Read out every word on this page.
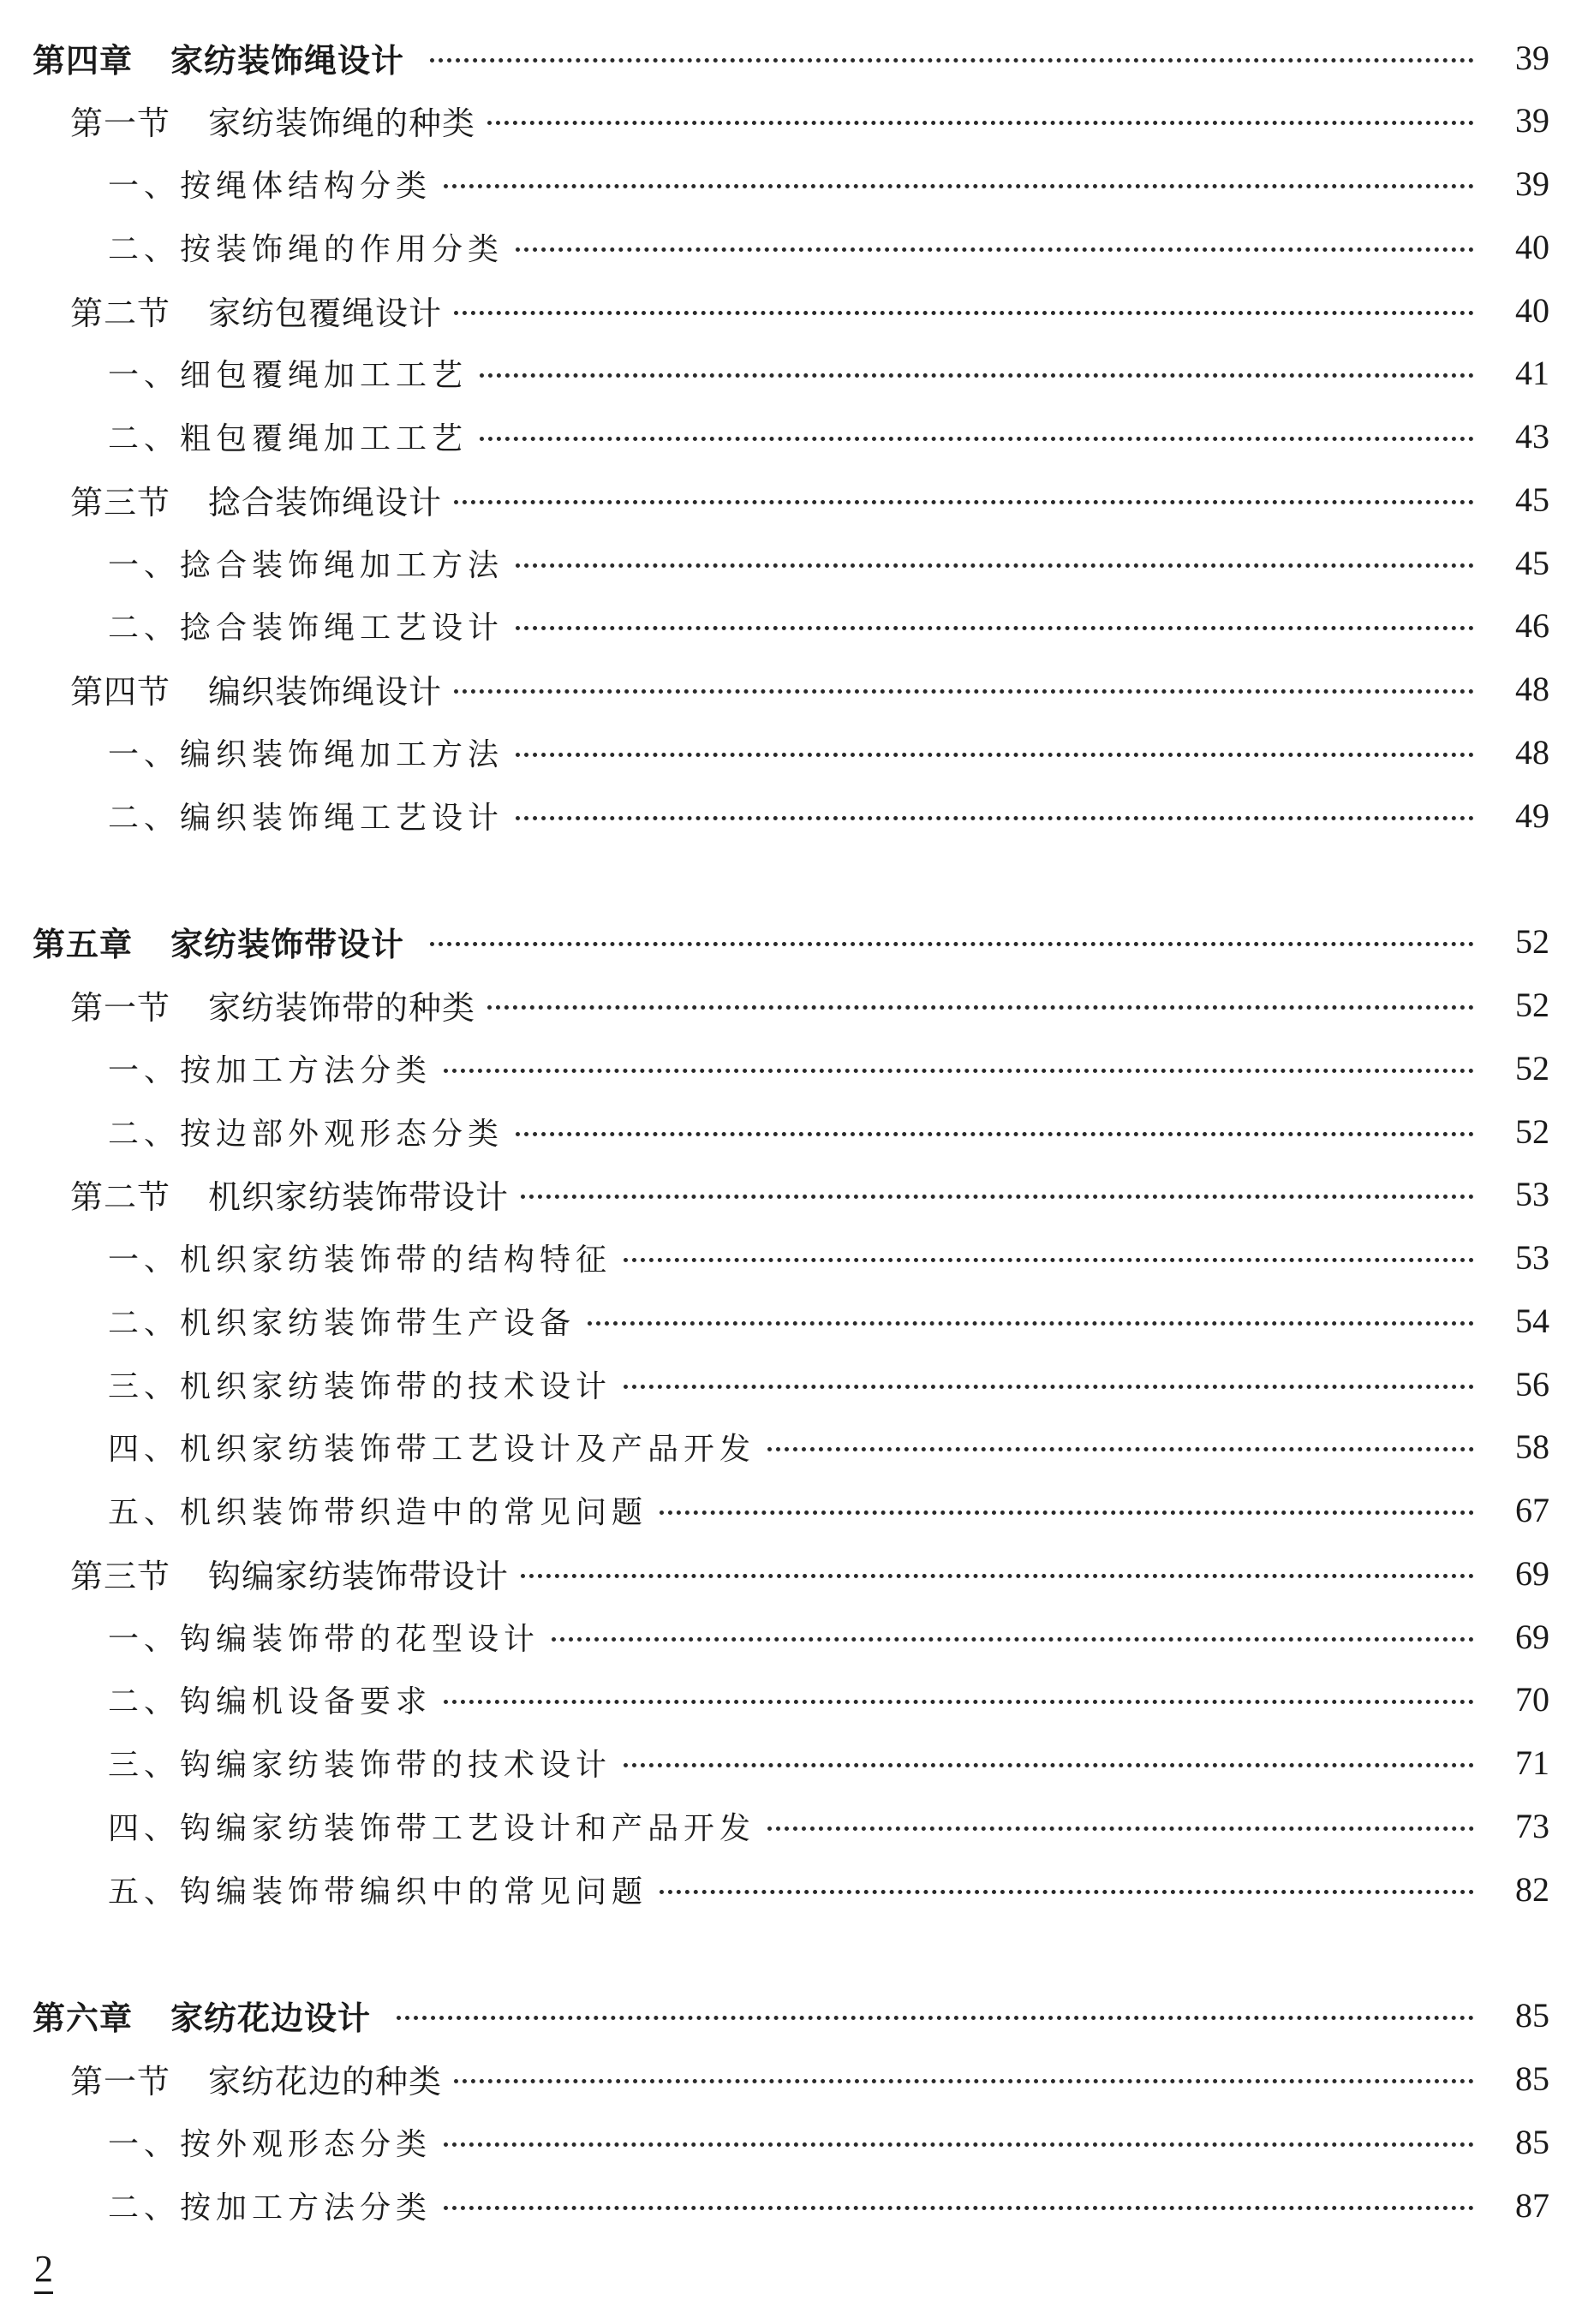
第四章 家纺装饰绳设计	39
第一节 家纺装饰绳的种类	39
一、按绳体结构分类	39
二、按装饰绳的作用分类	40
第二节 家纺包覆绳设计	40
一、细包覆绳加工工艺	41
二、粗包覆绳加工工艺	43
第三节 捻合装饰绳设计	45
一、捻合装饰绳加工方法	45
二、捻合装饰绳工艺设计	46
第四节 编织装饰绳设计	48
一、编织装饰绳加工方法	48
二、编织装饰绳工艺设计	49
第五章 家纺装饰带设计	52
第一节 家纺装饰带的种类	52
一、按加工方法分类	52
二、按边部外观形态分类	52
第二节 机织家纺装饰带设计	53
一、机织家纺装饰带的结构特征	53
二、机织家纺装饰带生产设备	54
三、机织家纺装饰带的技术设计	56
四、机织家纺装饰带工艺设计及产品开发	58
五、机织装饰带织造中的常见问题	67
第三节 钩编家纺装饰带设计	69
一、钩编装饰带的花型设计	69
二、钩编机设备要求	70
三、钩编家纺装饰带的技术设计	71
四、钩编家纺装饰带工艺设计和产品开发	73
五、钩编装饰带编织中的常见问题	82
第六章 家纺花边设计	85
第一节 家纺花边的种类	85
一、按外观形态分类	85
二、按加工方法分类	87
2
